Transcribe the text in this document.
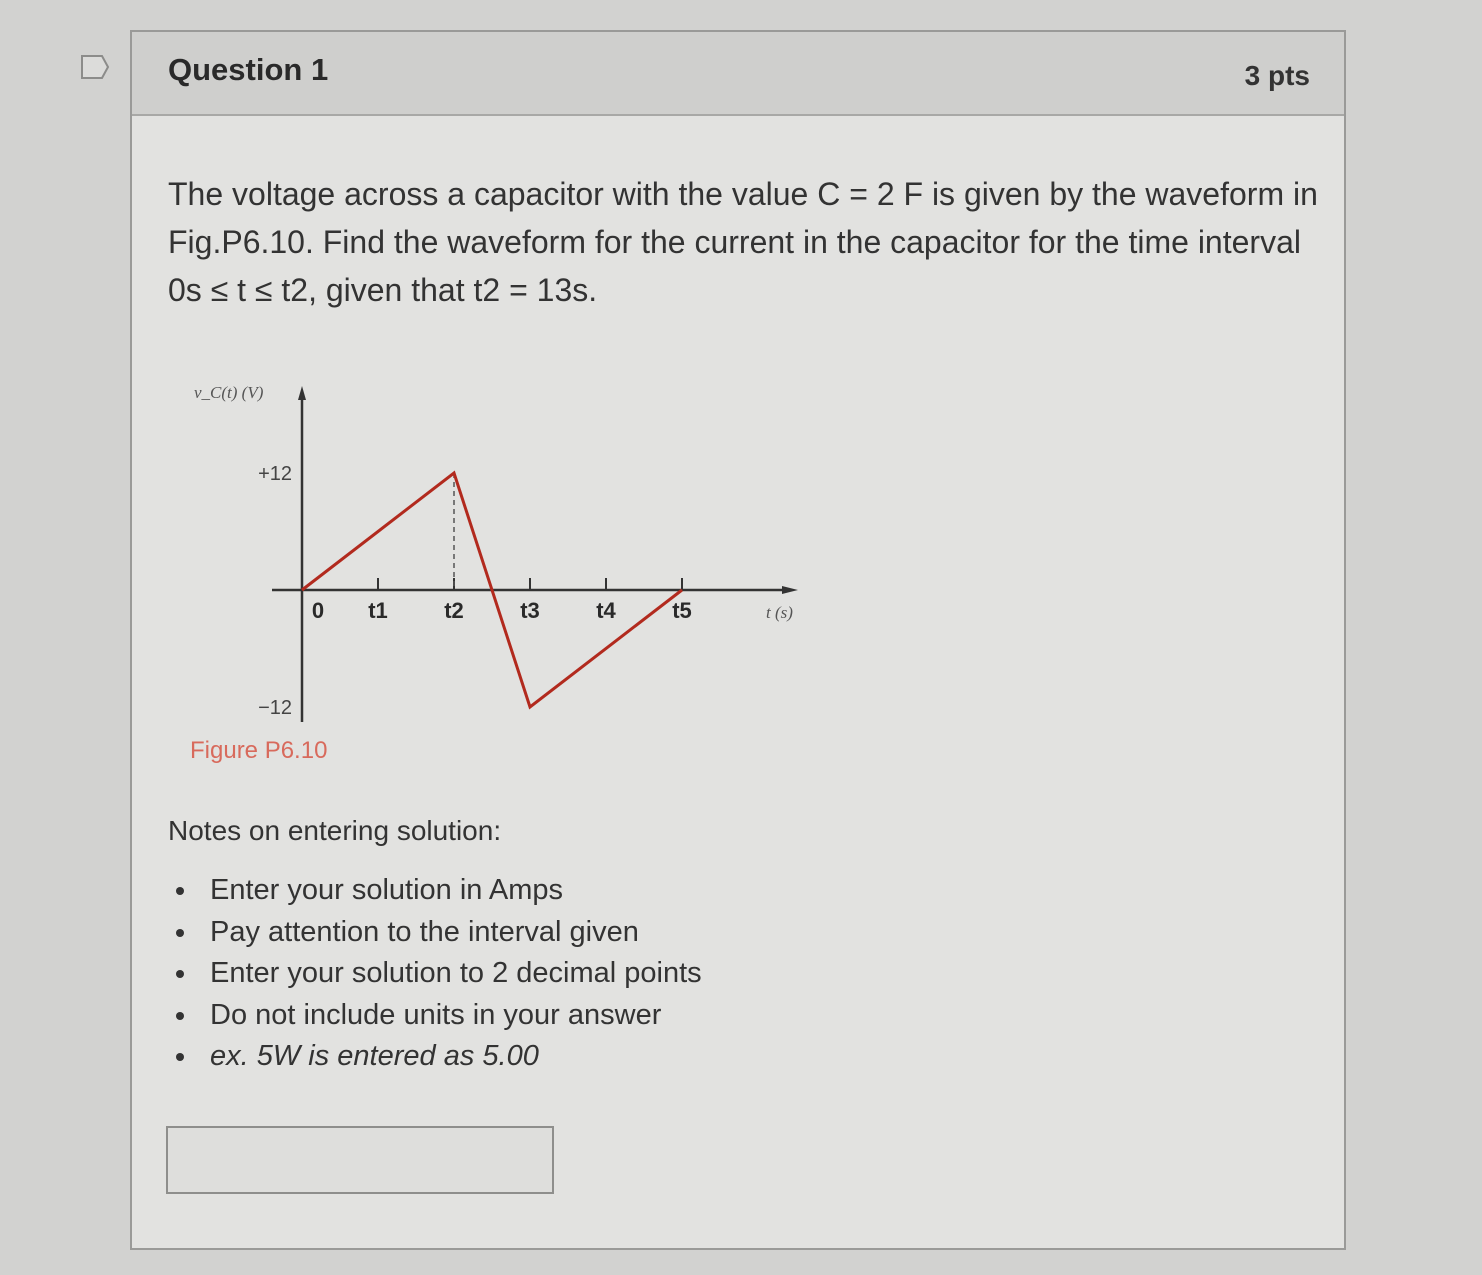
Question 1	3 pts
The voltage across a capacitor with the value C = 2 F is given by the waveform in Fig.P6.10. Find the waveform for the current in the capacitor for the time interval 0s ≤ t ≤ t2, given that t2 = 13s.
0 t1	t2	t3	t4	t5
+12
−12
v_C(t) (V)
t (s)
Figure P6.10
Notes on entering solution:
Enter your solution in Amps
Pay attention to the interval given
Enter your solution to 2 decimal points
Do not include units in your answer
ex. 5W is entered as 5.00
